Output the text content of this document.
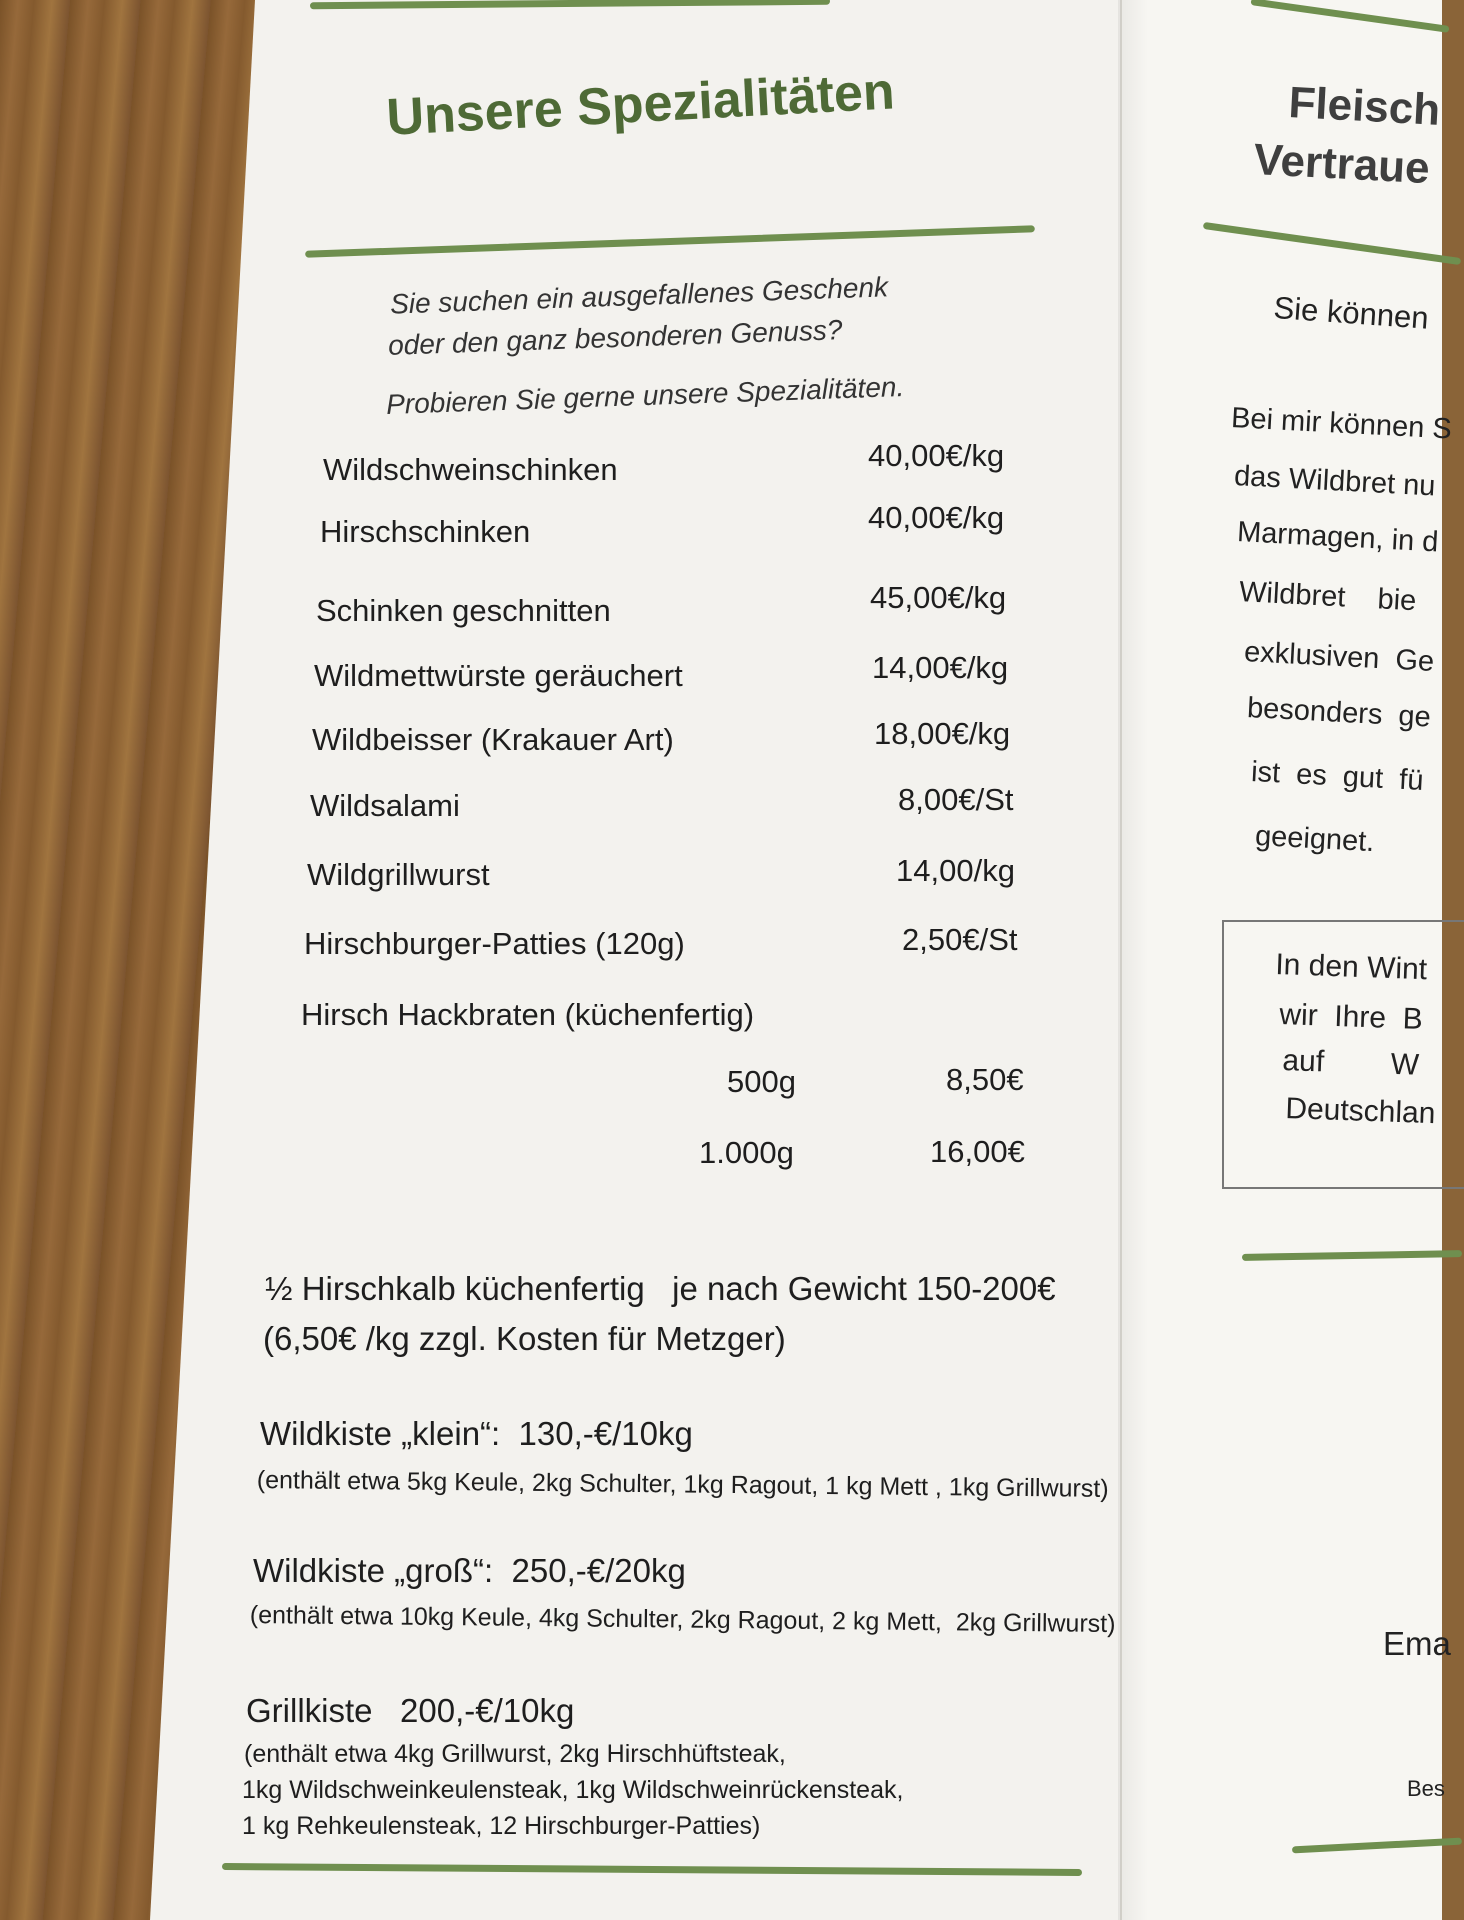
Unsere Spezialitäten
Sie suchen ein ausgefallenes Geschenk
oder den ganz besonderen Genuss?
Probieren Sie gerne unsere Spezialitäten.
Wildschweinschinken	40,00€/kg
Hirschschinken	40,00€/kg
Schinken geschnitten	45,00€/kg
Wildmettwürste geräuchert	14,00€/kg
Wildbeisser (Krakauer Art)	18,00€/kg
Wildsalami	8,00€/St
Wildgrillwurst	14,00/kg
Hirschburger-Patties (120g)	2,50€/St
Hirsch Hackbraten (küchenfertig)
500g	8,50€
1.000g	16,00€
½ Hirschkalb küchenfertig   je nach Gewicht 150-200€
(6,50€ /kg zzgl. Kosten für Metzger)
Wildkiste „klein“:  130,-€/10kg
(enthält etwa 5kg Keule, 2kg Schulter, 1kg Ragout, 1 kg Mett , 1kg Grillwurst)
Wildkiste „groß“:  250,-€/20kg
(enthält etwa 10kg Keule, 4kg Schulter, 2kg Ragout, 2 kg Mett,  2kg Grillwurst)
Grillkiste   200,-€/10kg
(enthält etwa 4kg Grillwurst, 2kg Hirschhüftsteak,
1kg Wildschweinkeulensteak, 1kg Wildschweinrückensteak,
1 kg Rehkeulensteak, 12 Hirschburger-Patties)
Fleisch
Vertraue
Sie können
Bei mir können S
das Wildbret nu
Marmagen, in d
Wildbret    bie
exklusiven  Ge
besonders  ge
ist  es  gut  fü
geeignet.
In den Wint
wir  Ihre  B
auf        W
Deutschlan
Ema
Bes
